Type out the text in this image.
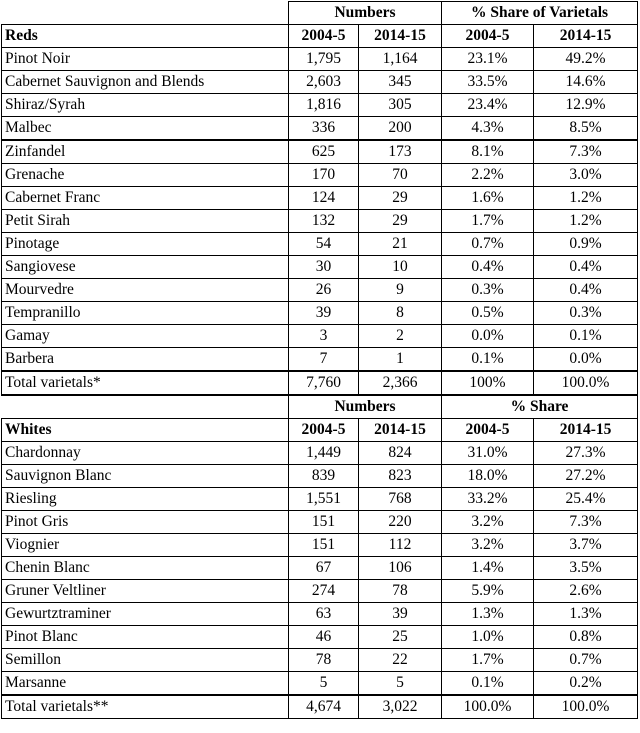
	Numbers		% Share of Varietals	
Reds	2004-5	2014-15	2004-5	2014-15
Pinot Noir	1,795	1,164	23.1%	49.2%
Cabernet Sauvignon and Blends	2,603	345	33.5%	14.6%
Shiraz/Syrah	1,816	305	23.4%	12.9%
Malbec	336	200	4.3%	8.5%
Zinfandel	625	173	8.1%	7.3%
Grenache	170	70	2.2%	3.0%
Cabernet Franc	124	29	1.6%	1.2%
Petit Sirah	132	29	1.7%	1.2%
Pinotage	54	21	0.7%	0.9%
Sangiovese	30	10	0.4%	0.4%
Mourvedre	26	9	0.3%	0.4%
Tempranillo	39	8	0.5%	0.3%
Gamay	3	2	0.0%	0.1%
Barbera	7	1	0.1%	0.0%
Total varietals*	7,760	2,366	100%	100.0%
	Numbers		% Share	
Whites	2004-5	2014-15	2004-5	2014-15
Chardonnay	1,449	824	31.0%	27.3%
Sauvignon Blanc	839	823	18.0%	27.2%
Riesling	1,551	768	33.2%	25.4%
Pinot Gris	151	220	3.2%	7.3%
Viognier	151	112	3.2%	3.7%
Chenin Blanc	67	106	1.4%	3.5%
Gruner Veltliner	274	78	5.9%	2.6%
Gewurtztraminer	63	39	1.3%	1.3%
Pinot Blanc	46	25	1.0%	0.8%
Semillon	78	22	1.7%	0.7%
Marsanne	5	5	0.1%	0.2%
Total varietals**	4,674	3,022	100.0%	100.0%
